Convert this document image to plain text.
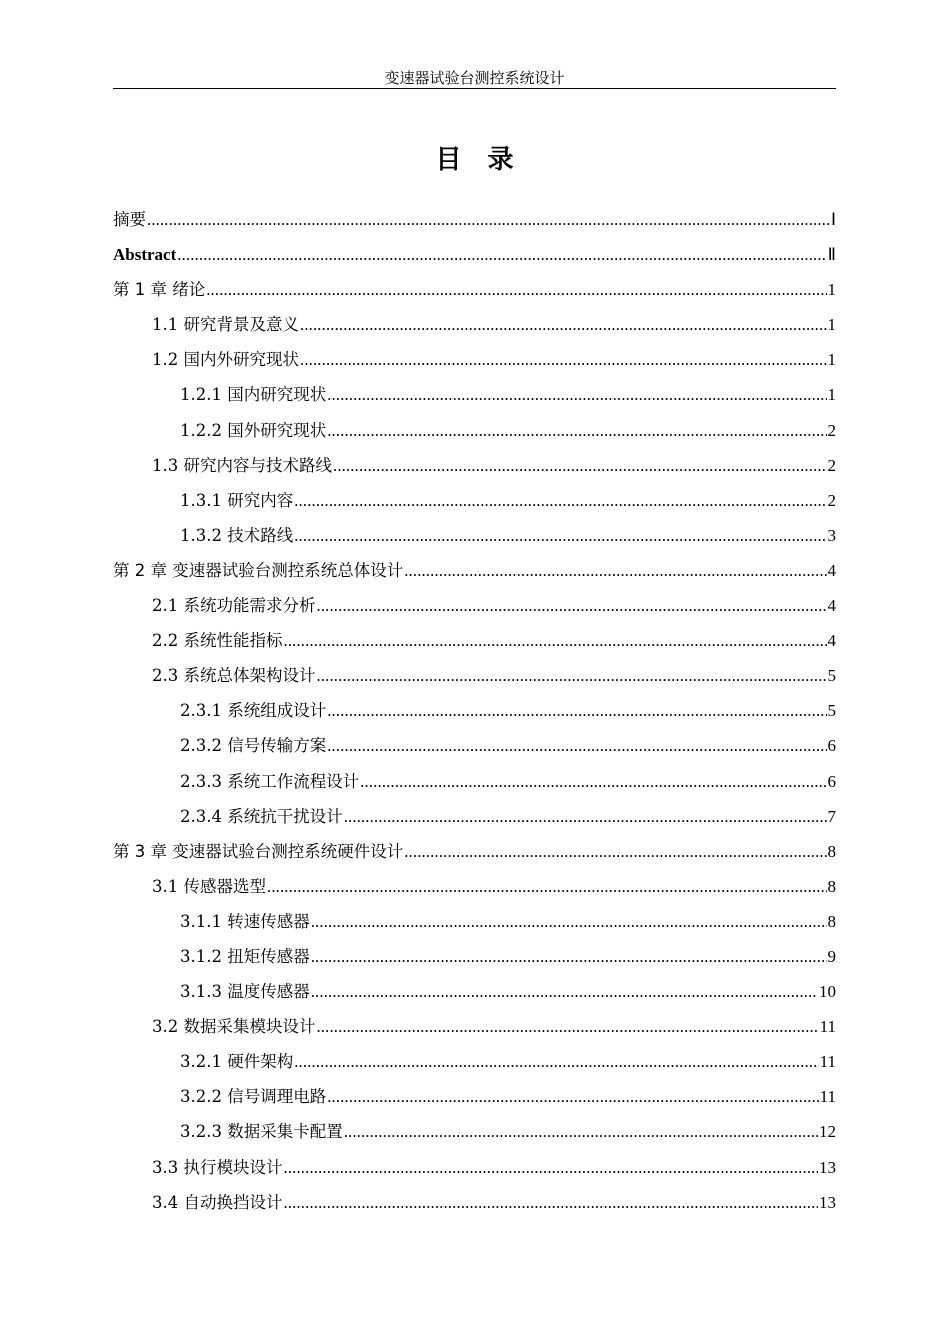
变速器试验台测控系统设计
目录
摘要 .....	Ⅰ
Abstract .....	Ⅱ
第 1 章 绪论 .....	1
1.1 研究背景及意义 .....	1
1.2 国内外研究现状 .....	1
1.2.1 国内研究现状 .....	1
1.2.2 国外研究现状 .....	2
1.3 研究内容与技术路线 .....	2
1.3.1 研究内容 .....	2
1.3.2 技术路线 .....	3
第 2 章 变速器试验台测控系统总体设计 .....	4
2.1 系统功能需求分析 .....	4
2.2 系统性能指标 .....	4
2.3 系统总体架构设计 .....	5
2.3.1 系统组成设计 .....	5
2.3.2 信号传输方案 .....	6
2.3.3 系统工作流程设计 .....	6
2.3.4 系统抗干扰设计 .....	7
第 3 章 变速器试验台测控系统硬件设计 .....	8
3.1 传感器选型 .....	8
3.1.1 转速传感器 .....	8
3.1.2 扭矩传感器 .....	9
3.1.3 温度传感器 .....	10
3.2 数据采集模块设计 .....	11
3.2.1 硬件架构 .....	11
3.2.2 信号调理电路 .....	11
3.2.3 数据采集卡配置 .....	12
3.3 执行模块设计 .....	13
3.4 自动换挡设计 .....	13
